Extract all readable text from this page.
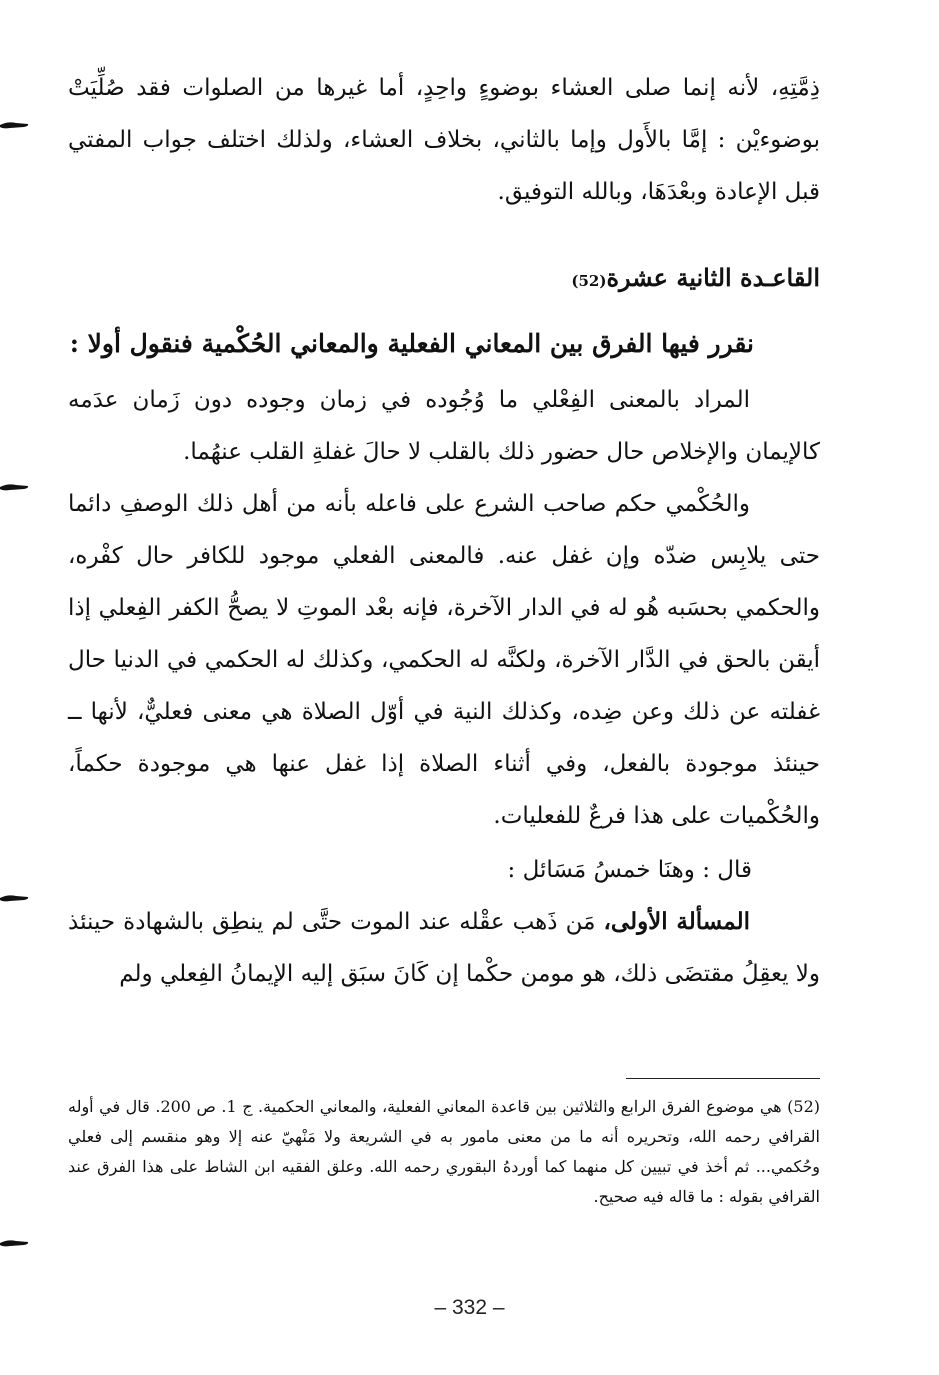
ذِمَّتِهِ، لأنه إنما صلى العشاء بوضوءٍ واحِدٍ، أما غيرها من الصلوات فقد صُلِّيَتْ بوضوءيْن : إمَّا بالأَول وإما بالثاني، بخلاف العشاء، ولذلك اختلف جواب المفتي قبل الإعادة وبعْدَهَا، وبالله التوفيق.

القاعـدة الثانية عشرة(52)
نقرر فيها الفرق بين المعاني الفعلية والمعاني الحُكْمية فنقول أولا :

المراد بالمعنى الفِعْلي ما وُجُوده في زمان وجوده دون زَمان عدَمه كالإيمان والإخلاص حال حضور ذلك بالقلب لا حالَ غفلةِ القلب عنهُما.

والحُكْمي حكم صاحب الشرع على فاعله بأنه من أهل ذلك الوصفِ دائما حتى يلابِس ضدّه وإن غفل عنه. فالمعنى الفعلي موجود للكافر حال كفْره، والحكمي بحسَبه هُو له في الدار الآخرة، فإنه بعْد الموتِ لا يصحُّ الكفر الفِعلي إذا أيقن بالحق في الدَّار الآخرة، ولكنَّه له الحكمي، وكذلك له الحكمي في الدنيا حال غفلته عن ذلك وعن ضِده، وكذلك النية في أوّل الصلاة هي معنى فعليٌّ، لأنها ــ حينئذ موجودة بالفعل، وفي أثناء الصلاة إذا غفل عنها هي موجودة حكماً، والحُكْميات على هذا فرعٌ للفعليات.

قال : وهنَا خمسُ مَسَائل :

المسألة الأولى، مَن ذَهب عقْله عند الموت حتَّى لم ينطِق بالشهادة حينئذ ولا يعقِلُ مقتضَى ذلك، هو مومن حكْما إن كَانَ سبَق إليه الإيمانُ الفِعلي ولم

(52) هي موضوع الفرق الرابع والثلاثين بين قاعدة المعاني الفعلية، والمعاني الحكمية. ج 1. ص 200. قال في أوله القرافي رحمه الله، وتحريره أنه ما من معنى مامور به في الشريعة ولا مَنْهيّ عنه إلا وهو منقسم إلى فعلي وحُكمي... ثم أخذ في تبيين كل منهما كما أوردهُ البقوري رحمه الله. وعلق الفقيه ابن الشاط على هذا الفرق عند القرافي بقوله : ما قاله فيه صحيح.

– 332 –
